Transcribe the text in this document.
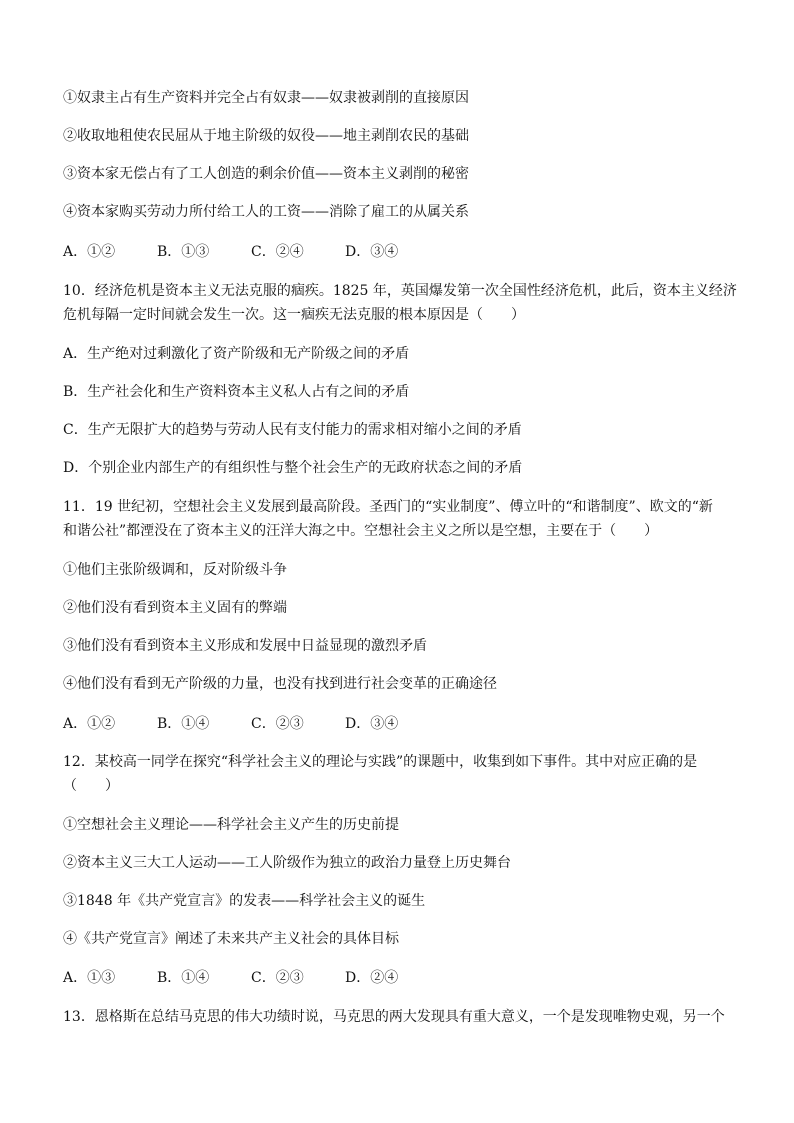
①奴隶主占有生产资料并完全占有奴隶——奴隶被剥削的直接原因

②收取地租使农民屈从于地主阶级的奴役——地主剥削农民的基础

③资本家无偿占有了工人创造的剩余价值——资本主义剥削的秘密

④资本家购买劳动力所付给工人的工资——消除了雇工的从属关系

A．①②	B．①③	C．②④	D．③④

10．经济危机是资本主义无法克服的痼疾。1825 年，英国爆发第一次全国性经济危机，此后，资本主义经济

危机每隔一定时间就会发生一次。这一痼疾无法克服的根本原因是（　　）

A．生产绝对过剩激化了资产阶级和无产阶级之间的矛盾

B．生产社会化和生产资料资本主义私人占有之间的矛盾

C．生产无限扩大的趋势与劳动人民有支付能力的需求相对缩小之间的矛盾

D．个别企业内部生产的有组织性与整个社会生产的无政府状态之间的矛盾

11．19 世纪初，空想社会主义发展到最高阶段。圣西门的“实业制度”、傅立叶的“和谐制度”、欧文的“新

和谐公社”都湮没在了资本主义的汪洋大海之中。空想社会主义之所以是空想，主要在于（　　）

①他们主张阶级调和，反对阶级斗争

②他们没有看到资本主义固有的弊端

③他们没有看到资本主义形成和发展中日益显现的激烈矛盾

④他们没有看到无产阶级的力量，也没有找到进行社会变革的正确途径

A．①②	B．①④	C．②③	D．③④

12．某校高一同学在探究“科学社会主义的理论与实践”的课题中，收集到如下事件。其中对应正确的是

（　　）

①空想社会主义理论——科学社会主义产生的历史前提

②资本主义三大工人运动——工人阶级作为独立的政治力量登上历史舞台

③1848 年《共产党宣言》的发表——科学社会主义的诞生

④《共产党宣言》阐述了未来共产主义社会的具体目标

A．①③	B．①④	C．②③	D．②④

13．恩格斯在总结马克思的伟大功绩时说，马克思的两大发现具有重大意义，一个是发现唯物史观，另一个
